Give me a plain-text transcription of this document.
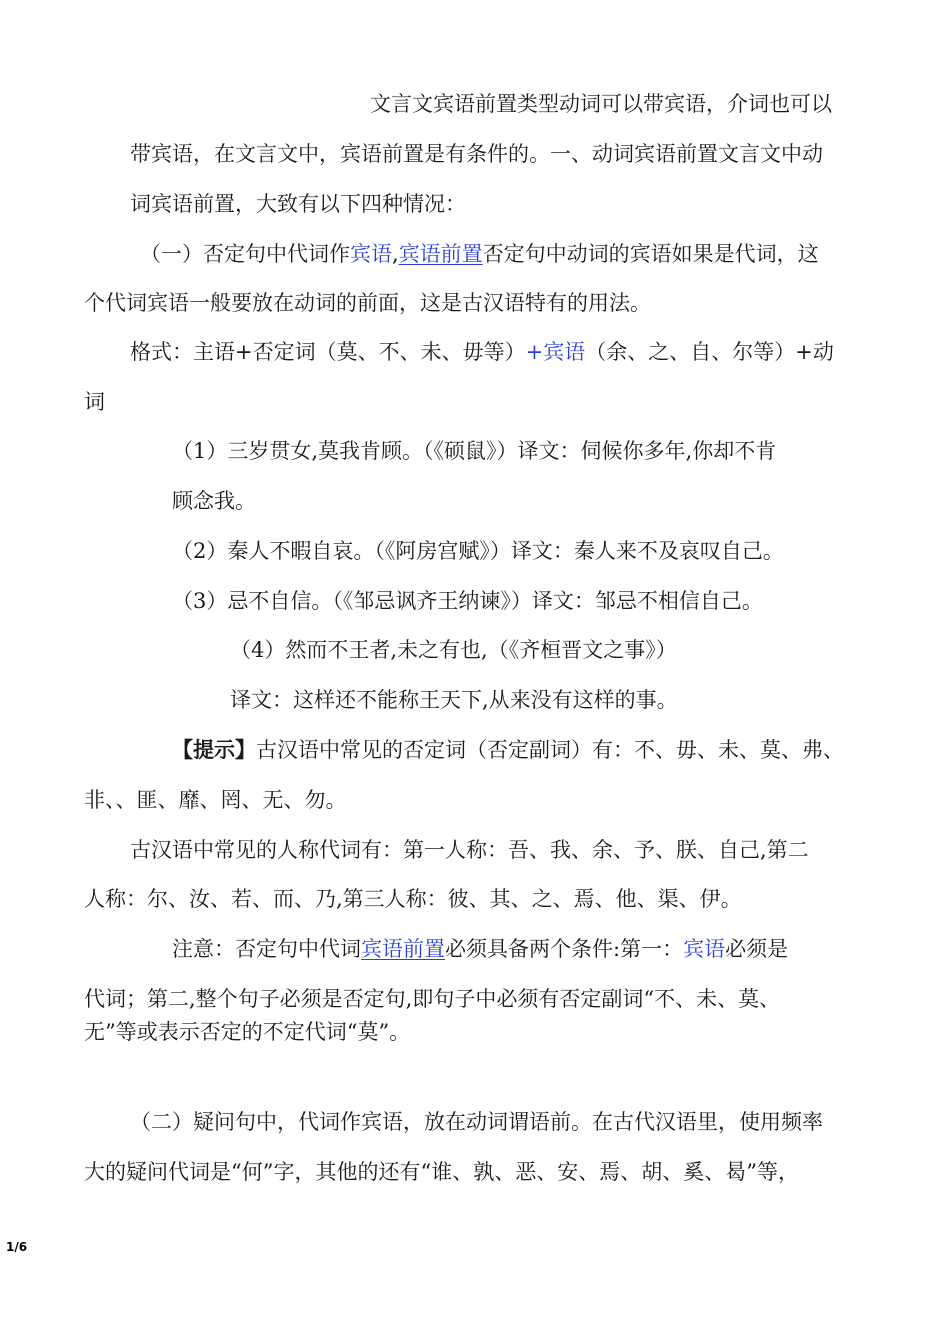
文言文宾语前置类型动词可以带宾语，介词也可以
带宾语，在文言文中，宾语前置是有条件的。一、动词宾语前置文言文中动
词宾语前置，大致有以下四种情况：
（一）否定句中代词作宾语,宾语前置否定句中动词的宾语如果是代词，这
个代词宾语一般要放在动词的前面，这是古汉语特有的用法。
格式：主语+否定词（莫、不、未、毋等）+宾语（余、之、自、尔等）+动
词
（1）三岁贯女,莫我肯顾。（《硕鼠》）译文：伺候你多年,你却不肯
顾念我。
（2）秦人不暇自哀。（《阿房宫赋》）译文：秦人来不及哀叹自己。
（3）忌不自信。（《邹忌讽齐王纳谏》）译文：邹忌不相信自己。
（4）然而不王者,未之有也,（《齐桓晋文之事》）
译文：这样还不能称王天下,从来没有这样的事。
【提示】古汉语中常见的否定词（否定副词）有：不、毋、未、莫、弗、
非、、匪、靡、罔、无、勿。
古汉语中常见的人称代词有：第一人称：吾、我、余、予、朕、自己,第二
人称：尔、汝、若、而、乃,第三人称：彼、其、之、焉、他、渠、伊。
注意：否定句中代词宾语前置必须具备两个条件:第一：宾语必须是
代词；第二,整个句子必须是否定句,即句子中必须有否定副词“不、未、莫、
无”等或表示否定的不定代词“莫”。
（二）疑问句中，代词作宾语，放在动词谓语前。在古代汉语里，使用频率
大的疑问代词是“何”字，其他的还有“谁、孰、恶、安、焉、胡、奚、曷”等，
1/6
